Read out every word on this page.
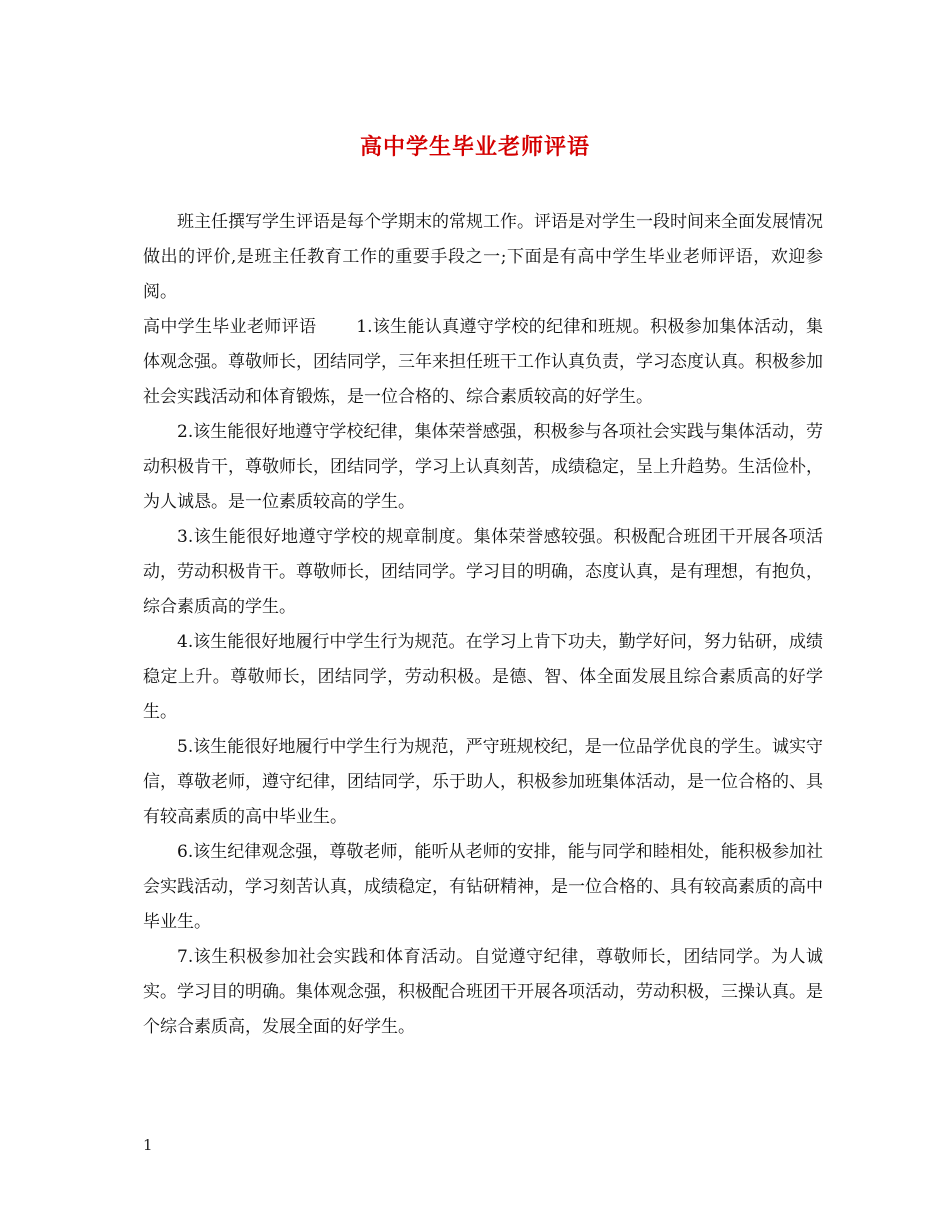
高中学生毕业老师评语

班主任撰写学生评语是每个学期末的常规工作。评语是对学生一段时间来全面发展情况做出的评价,是班主任教育工作的重要手段之一;下面是有高中学生毕业老师评语，欢迎参阅。

高中学生毕业老师评语 1.该生能认真遵守学校的纪律和班规。积极参加集体活动，集体观念强。尊敬师长，团结同学，三年来担任班干工作认真负责，学习态度认真。积极参加社会实践活动和体育锻炼，是一位合格的、综合素质较高的好学生。

2.该生能很好地遵守学校纪律，集体荣誉感强，积极参与各项社会实践与集体活动，劳动积极肯干，尊敬师长，团结同学，学习上认真刻苦，成绩稳定，呈上升趋势。生活俭朴，为人诚恳。是一位素质较高的学生。

3.该生能很好地遵守学校的规章制度。集体荣誉感较强。积极配合班团干开展各项活动，劳动积极肯干。尊敬师长，团结同学。学习目的明确，态度认真，是有理想，有抱负，综合素质高的学生。

4.该生能很好地履行中学生行为规范。在学习上肯下功夫，勤学好问，努力钻研，成绩稳定上升。尊敬师长，团结同学，劳动积极。是德、智、体全面发展且综合素质高的好学生。

5.该生能很好地履行中学生行为规范，严守班规校纪，是一位品学优良的学生。诚实守信，尊敬老师，遵守纪律，团结同学，乐于助人，积极参加班集体活动，是一位合格的、具有较高素质的高中毕业生。

6.该生纪律观念强，尊敬老师，能听从老师的安排，能与同学和睦相处，能积极参加社会实践活动，学习刻苦认真，成绩稳定，有钻研精神，是一位合格的、具有较高素质的高中毕业生。

7.该生积极参加社会实践和体育活动。自觉遵守纪律，尊敬师长，团结同学。为人诚实。学习目的明确。集体观念强，积极配合班团干开展各项活动，劳动积极，三操认真。是个综合素质高，发展全面的好学生。

1
